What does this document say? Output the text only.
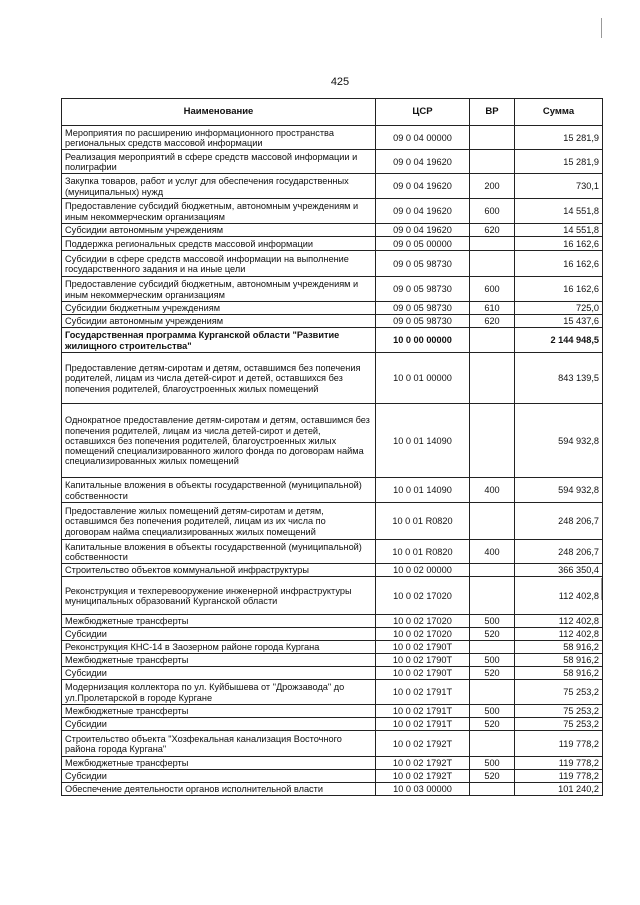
425
Наименование	ЦСР	ВР	Сумма
Мероприятия по расширению информационного пространства региональных средств массовой информации	09 0 04 00000		15 281,9
Реализация мероприятий в сфере средств массовой информации и полиграфии	09 0 04 19620		15 281,9
Закупка товаров, работ и услуг для обеспечения государственных (муниципальных) нужд	09 0 04 19620	200	730,1
Предоставление субсидий бюджетным, автономным учреждениям и иным некоммерческим организациям	09 0 04 19620	600	14 551,8
Субсидии автономным учреждениям	09 0 04 19620	620	14 551,8
Поддержка региональных средств массовой информации	09 0 05 00000		16 162,6
Субсидии в сфере средств массовой информации на выполнение государственного задания и на иные цели	09 0 05 98730		16 162,6
Предоставление субсидий бюджетным, автономным учреждениям и иным некоммерческим организациям	09 0 05 98730	600	16 162,6
Субсидии бюджетным учреждениям	09 0 05 98730	610	725,0
Субсидии автономным учреждениям	09 0 05 98730	620	15 437,6
Государственная программа Курганской области "Развитие жилищного строительства"	10 0 00 00000		2 144 948,5
Предоставление детям-сиротам и детям, оставшимся без попечения родителей, лицам из числа детей-сирот и детей, оставшихся без попечения родителей, благоустроенных жилых помещений	10 0 01 00000		843 139,5
Однократное предоставление детям-сиротам и детям, оставшимся без попечения родителей, лицам из числа детей-сирот и детей, оставшихся без попечения родителей, благоустроенных жилых помещений специализированного жилого фонда по договорам найма специализированных жилых помещений	10 0 01 14090		594 932,8
Капитальные вложения в объекты государственной (муниципальной) собственности	10 0 01 14090	400	594 932,8
Предоставление жилых помещений детям-сиротам и детям, оставшимся без попечения родителей, лицам из их числа по договорам найма специализированных жилых помещений	10 0 01 R0820		248 206,7
Капитальные вложения в объекты государственной (муниципальной) собственности	10 0 01 R0820	400	248 206,7
Строительство объектов коммунальной инфраструктуры	10 0 02 00000		366 350,4
Реконструкция и техперевооружение инженерной инфраструктуры муниципальных образований Курганской области	10 0 02 17020		112 402,8
Межбюджетные трансферты	10 0 02 17020	500	112 402,8
Субсидии	10 0 02 17020	520	112 402,8
Реконструкция КНС-14 в Заозерном районе города Кургана	10 0 02 1790Т		58 916,2
Межбюджетные трансферты	10 0 02 1790Т	500	58 916,2
Субсидии	10 0 02 1790Т	520	58 916,2
Модернизация коллектора по ул. Куйбышева от "Дрожзавода" до ул.Пролетарской в городе Кургане	10 0 02 1791Т		75 253,2
Межбюджетные трансферты	10 0 02 1791Т	500	75 253,2
Субсидии	10 0 02 1791Т	520	75 253,2
Строительство объекта "Хозфекальная канализация Восточного района города Кургана"	10 0 02 1792Т		119 778,2
Межбюджетные трансферты	10 0 02 1792Т	500	119 778,2
Субсидии	10 0 02 1792Т	520	119 778,2
Обеспечение деятельности органов исполнительной власти	10 0 03 00000		101 240,2
